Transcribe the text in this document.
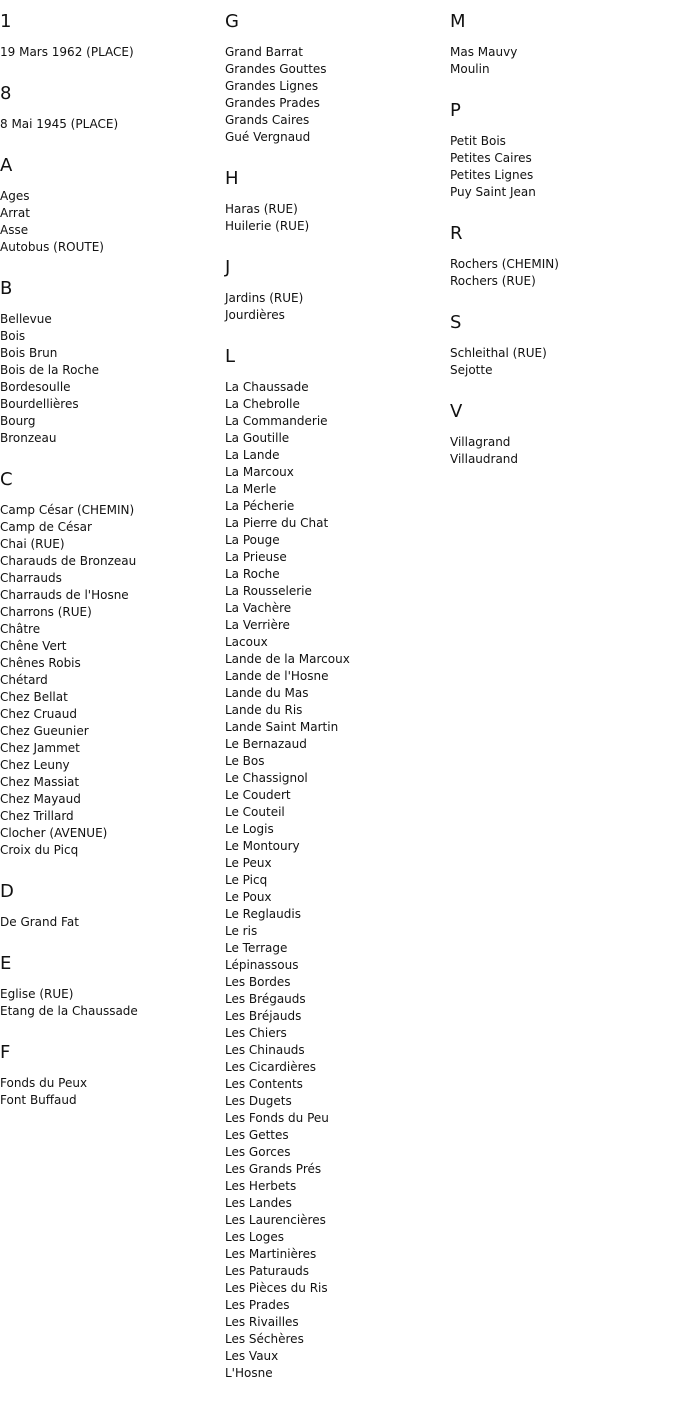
1
19 Mars 1962 (PLACE)
8
8 Mai 1945 (PLACE)
A
Ages
Arrat
Asse
Autobus (ROUTE)
B
Bellevue
Bois
Bois Brun
Bois de la Roche
Bordesoulle
Bourdellières
Bourg
Bronzeau
C
Camp César (CHEMIN)
Camp de César
Chai (RUE)
Charauds de Bronzeau
Charrauds
Charrauds de l'Hosne
Charrons (RUE)
Châtre
Chêne Vert
Chênes Robis
Chétard
Chez Bellat
Chez Cruaud
Chez Gueunier
Chez Jammet
Chez Leuny
Chez Massiat
Chez Mayaud
Chez Trillard
Clocher (AVENUE)
Croix du Picq
D
De Grand Fat
E
Eglise (RUE)
Etang de la Chaussade
F
Fonds du Peux
Font Buffaud
G
Grand Barrat
Grandes Gouttes
Grandes Lignes
Grandes Prades
Grands Caires
Gué Vergnaud
H
Haras (RUE)
Huilerie (RUE)
J
Jardins (RUE)
Jourdières
L
La Chaussade
La Chebrolle
La Commanderie
La Goutille
La Lande
La Marcoux
La Merle
La Pécherie
La Pierre du Chat
La Pouge
La Prieuse
La Roche
La Rousselerie
La Vachère
La Verrière
Lacoux
Lande de la Marcoux
Lande de l'Hosne
Lande du Mas
Lande du Ris
Lande Saint Martin
Le Bernazaud
Le Bos
Le Chassignol
Le Coudert
Le Couteil
Le Logis
Le Montoury
Le Peux
Le Picq
Le Poux
Le Reglaudis
Le ris
Le Terrage
Lépinassous
Les Bordes
Les Brégauds
Les Bréjauds
Les Chiers
Les Chinauds
Les Cicardières
Les Contents
Les Dugets
Les Fonds du Peu
Les Gettes
Les Gorces
Les Grands Prés
Les Herbets
Les Landes
Les Laurencières
Les Loges
Les Martinières
Les Paturauds
Les Pièces du Ris
Les Prades
Les Rivailles
Les Séchères
Les Vaux
L'Hosne
M
Mas Mauvy
Moulin
P
Petit Bois
Petites Caires
Petites Lignes
Puy Saint Jean
R
Rochers (CHEMIN)
Rochers (RUE)
S
Schleithal (RUE)
Sejotte
V
Villagrand
Villaudrand
